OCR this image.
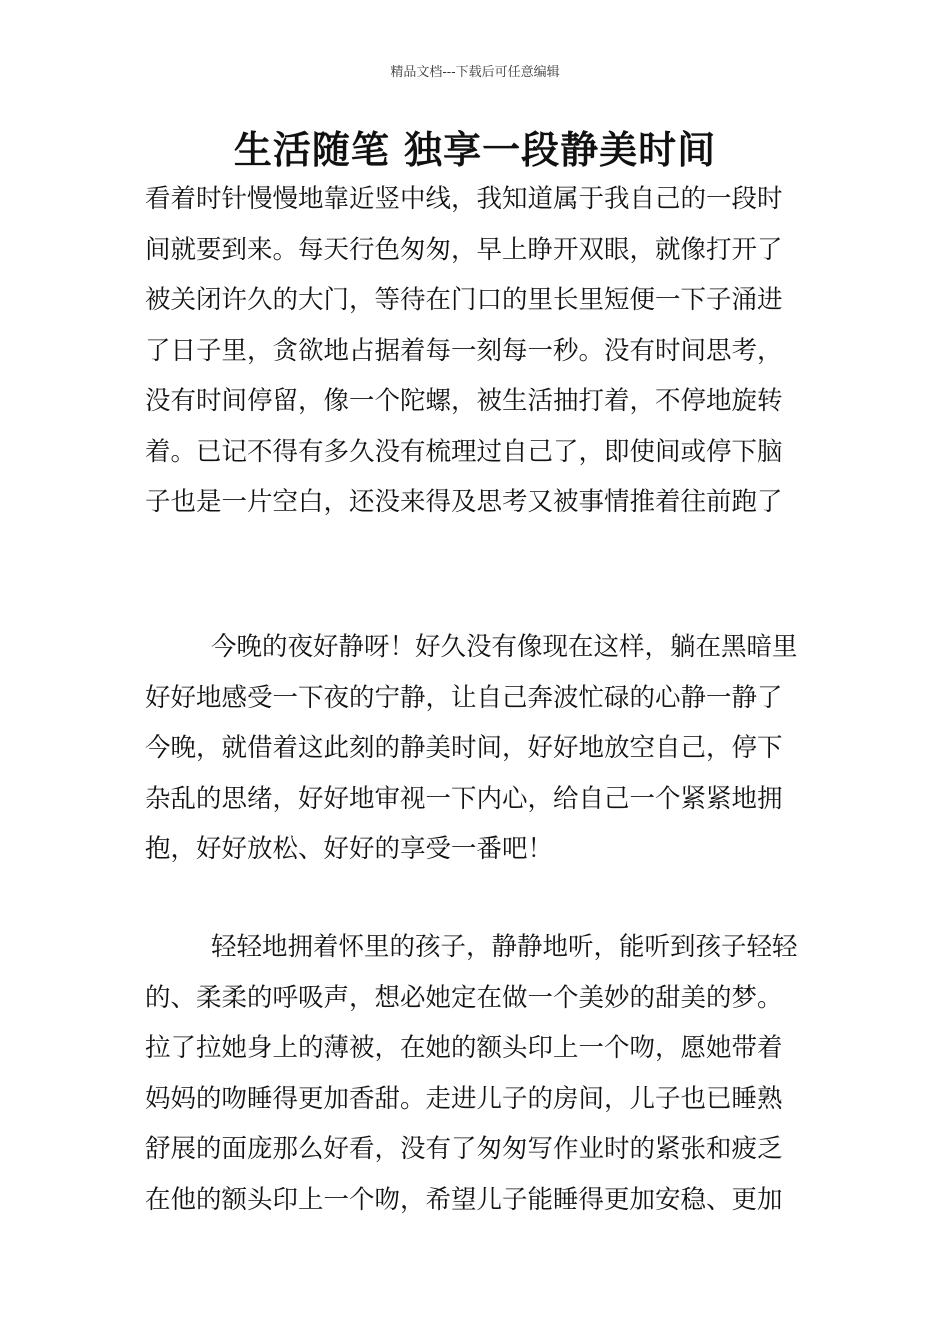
精品文档---下载后可任意编辑
生活随笔 独享一段静美时间
看着时针慢慢地靠近竖中线，我知道属于我自己的一段时
间就要到来。每天行色匆匆，早上睁开双眼，就像打开了
被关闭许久的大门，等待在门口的里长里短便一下子涌进
了日子里，贪欲地占据着每一刻每一秒。没有时间思考，
没有时间停留，像一个陀螺，被生活抽打着，不停地旋转
着。已记不得有多久没有梳理过自己了，即使间或停下脑
子也是一片空白，还没来得及思考又被事情推着往前跑了
今晚的夜好静呀！好久没有像现在这样，躺在黑暗里
好好地感受一下夜的宁静，让自己奔波忙碌的心静一静了
今晚，就借着这此刻的静美时间，好好地放空自己，停下
杂乱的思绪，好好地审视一下内心，给自己一个紧紧地拥
抱，好好放松、好好的享受一番吧！
轻轻地拥着怀里的孩子，静静地听，能听到孩子轻轻
的、柔柔的呼吸声，想必她定在做一个美妙的甜美的梦。
拉了拉她身上的薄被，在她的额头印上一个吻，愿她带着
妈妈的吻睡得更加香甜。走进儿子的房间，儿子也已睡熟
舒展的面庞那么好看，没有了匆匆写作业时的紧张和疲乏
在他的额头印上一个吻，希望儿子能睡得更加安稳、更加
